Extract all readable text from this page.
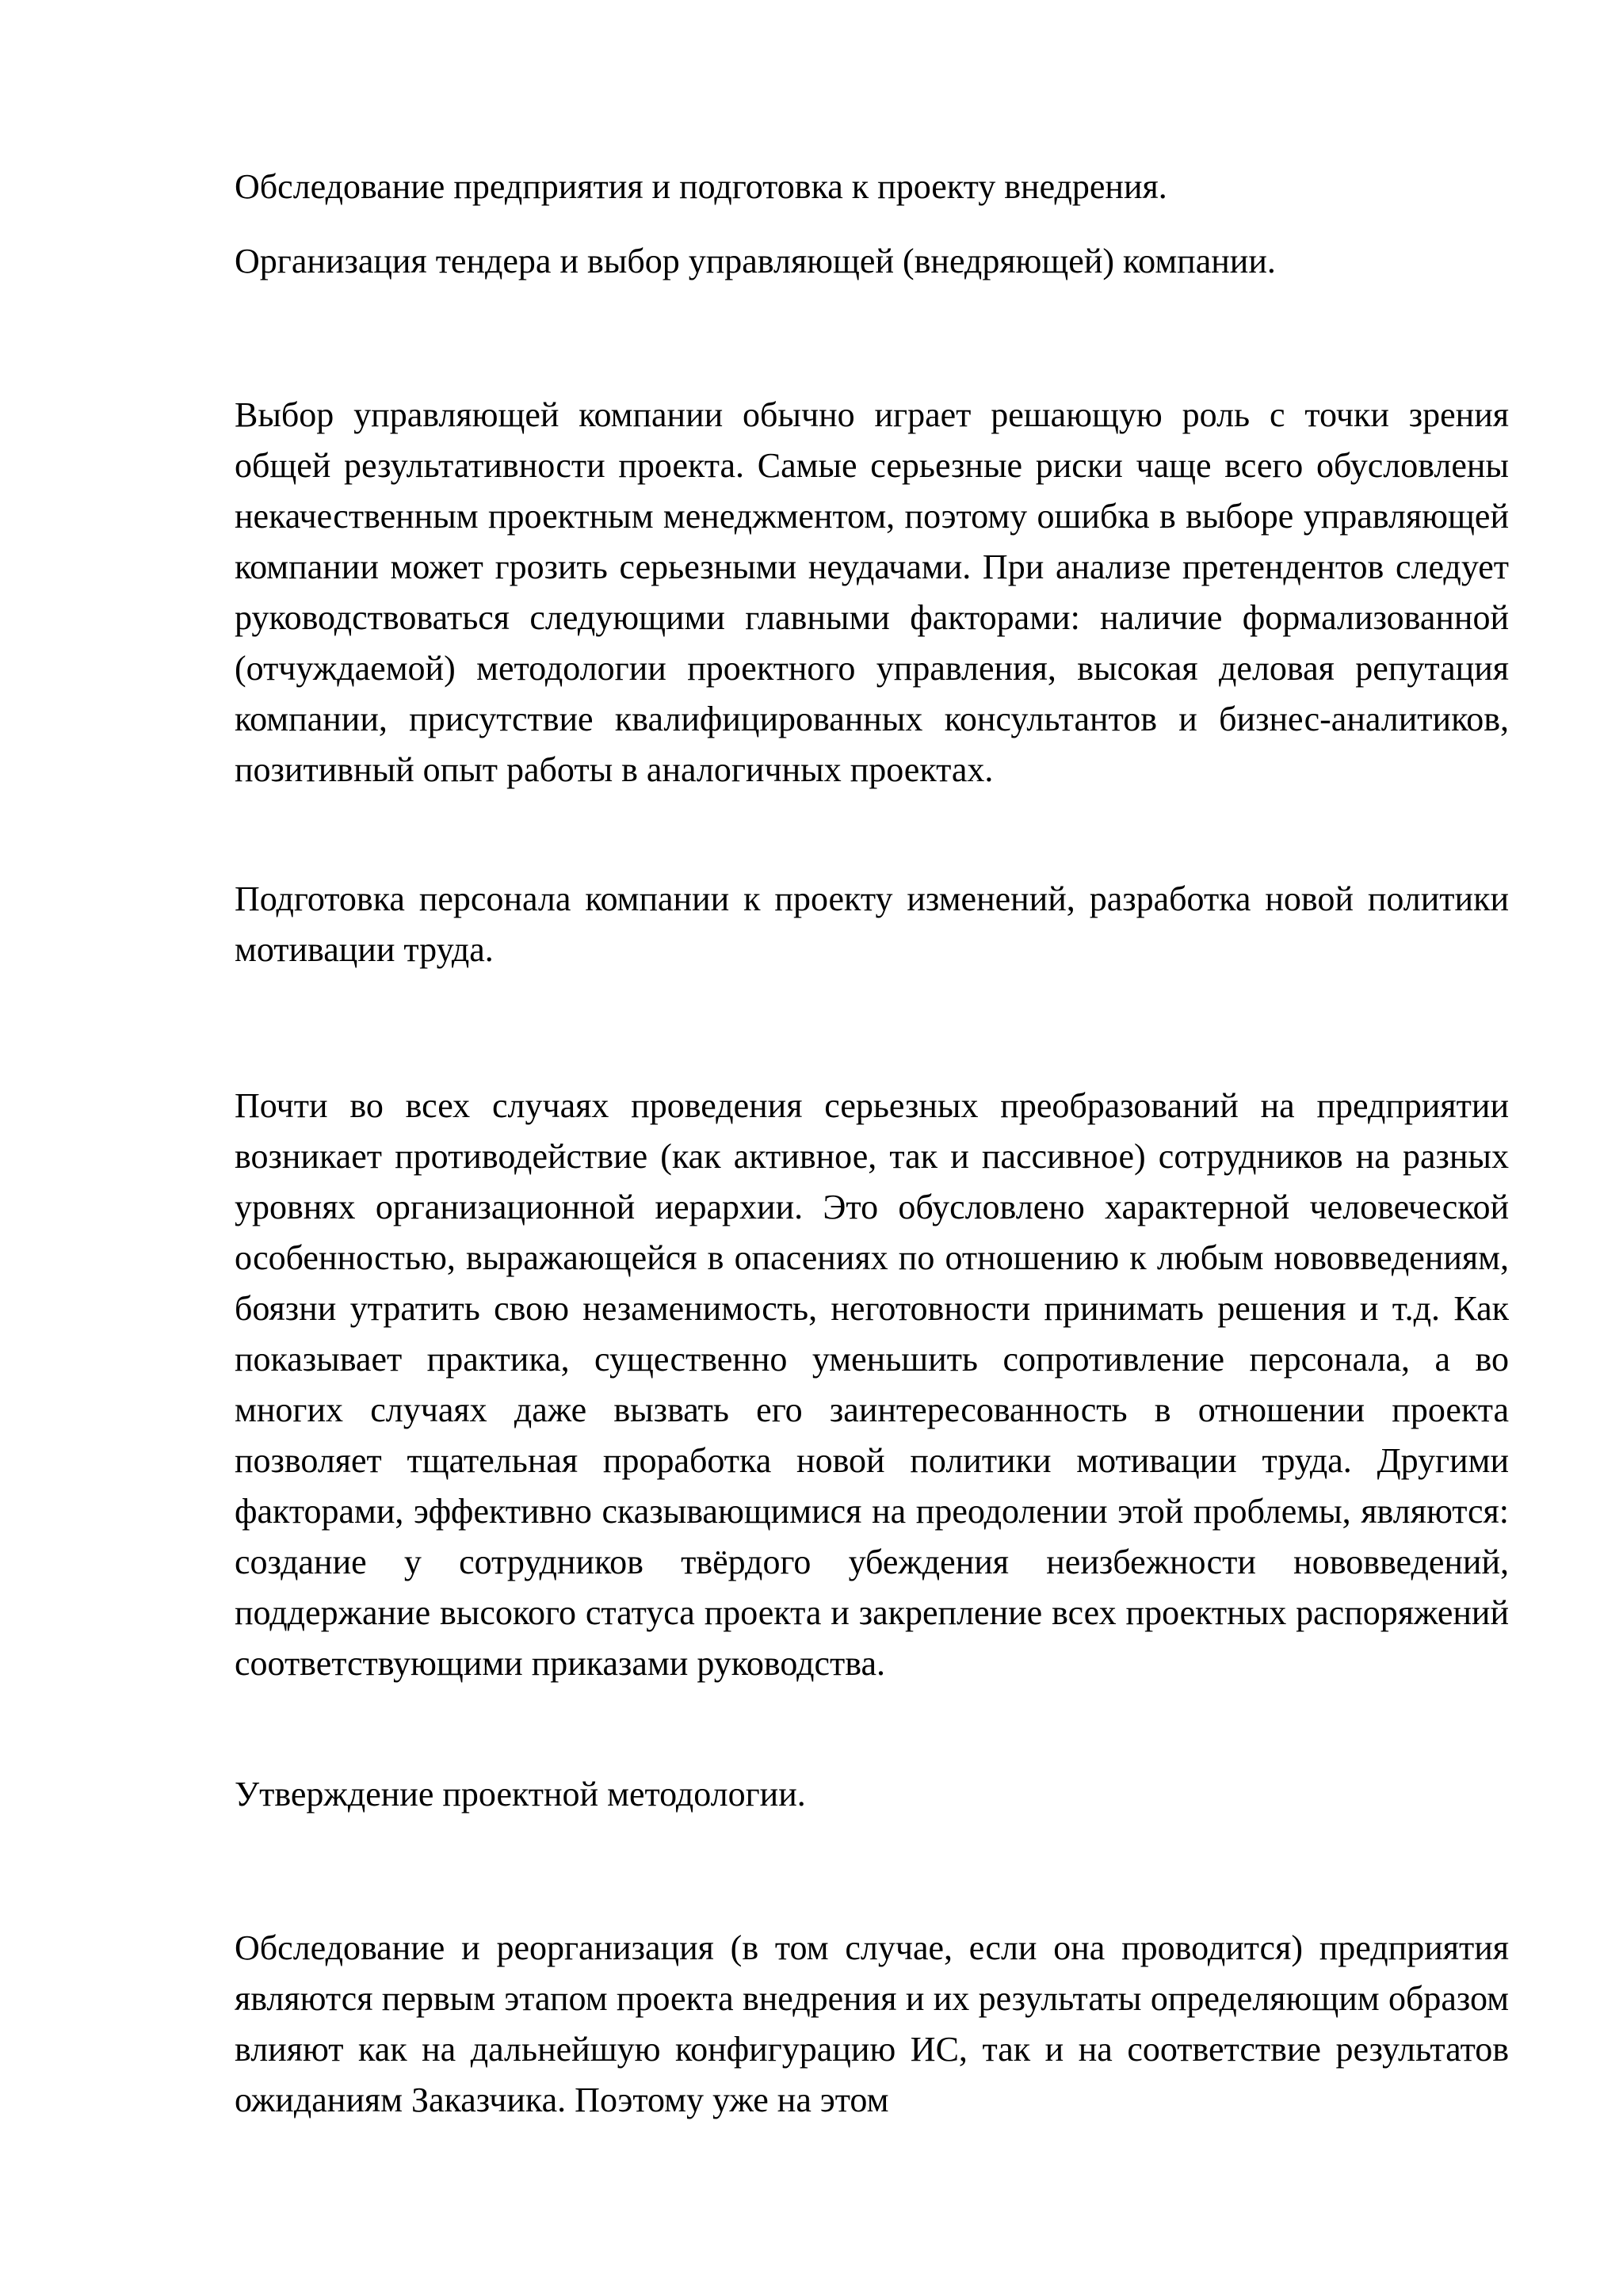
Обследование предприятия и подготовка к проекту внедрения.

Организация тендера и выбор управляющей (внедряющей) компании.

Выбор управляющей компании обычно играет решающую роль с точки зрения общей результативности проекта. Самые серьезные риски чаще всего обусловлены некачественным проектным менеджментом, поэтому ошибка в выборе управляющей компании может грозить серьезными неудачами. При анализе претендентов следует руководствоваться следующими главными факторами: наличие формализованной (отчуждаемой) методологии проектного управления, высокая деловая репутация компании, присутствие квалифицированных консультантов и бизнес-аналитиков, позитивный опыт работы в аналогичных проектах.

Подготовка персонала компании к проекту изменений, разработка новой политики мотивации труда.

Почти во всех случаях проведения серьезных преобразований на предприятии возникает противодействие (как активное, так и пассивное) сотрудников на разных уровнях организационной иерархии. Это обусловлено характерной человеческой особенностью, выражающейся в опасениях по отношению к любым нововведениям, боязни утратить свою незаменимость, неготовности принимать решения и т.д. Как показывает практика, существенно уменьшить сопротивление персонала, а во многих случаях даже вызвать его заинтересованность в отношении проекта позволяет тщательная проработка новой политики мотивации труда. Другими факторами, эффективно сказывающимися на преодолении этой проблемы, являются: создание у сотрудников твёрдого убеждения неизбежности нововведений, поддержание высокого статуса проекта и закрепление всех проектных распоряжений соответствующими приказами руководства.

Утверждение проектной методологии.

Обследование и реорганизация (в том случае, если она проводится) предприятия являются первым этапом проекта внедрения и их результаты определяющим образом влияют как на дальнейшую конфигурацию ИС, так и на соответствие результатов ожиданиям Заказчика. Поэтому уже на этом
